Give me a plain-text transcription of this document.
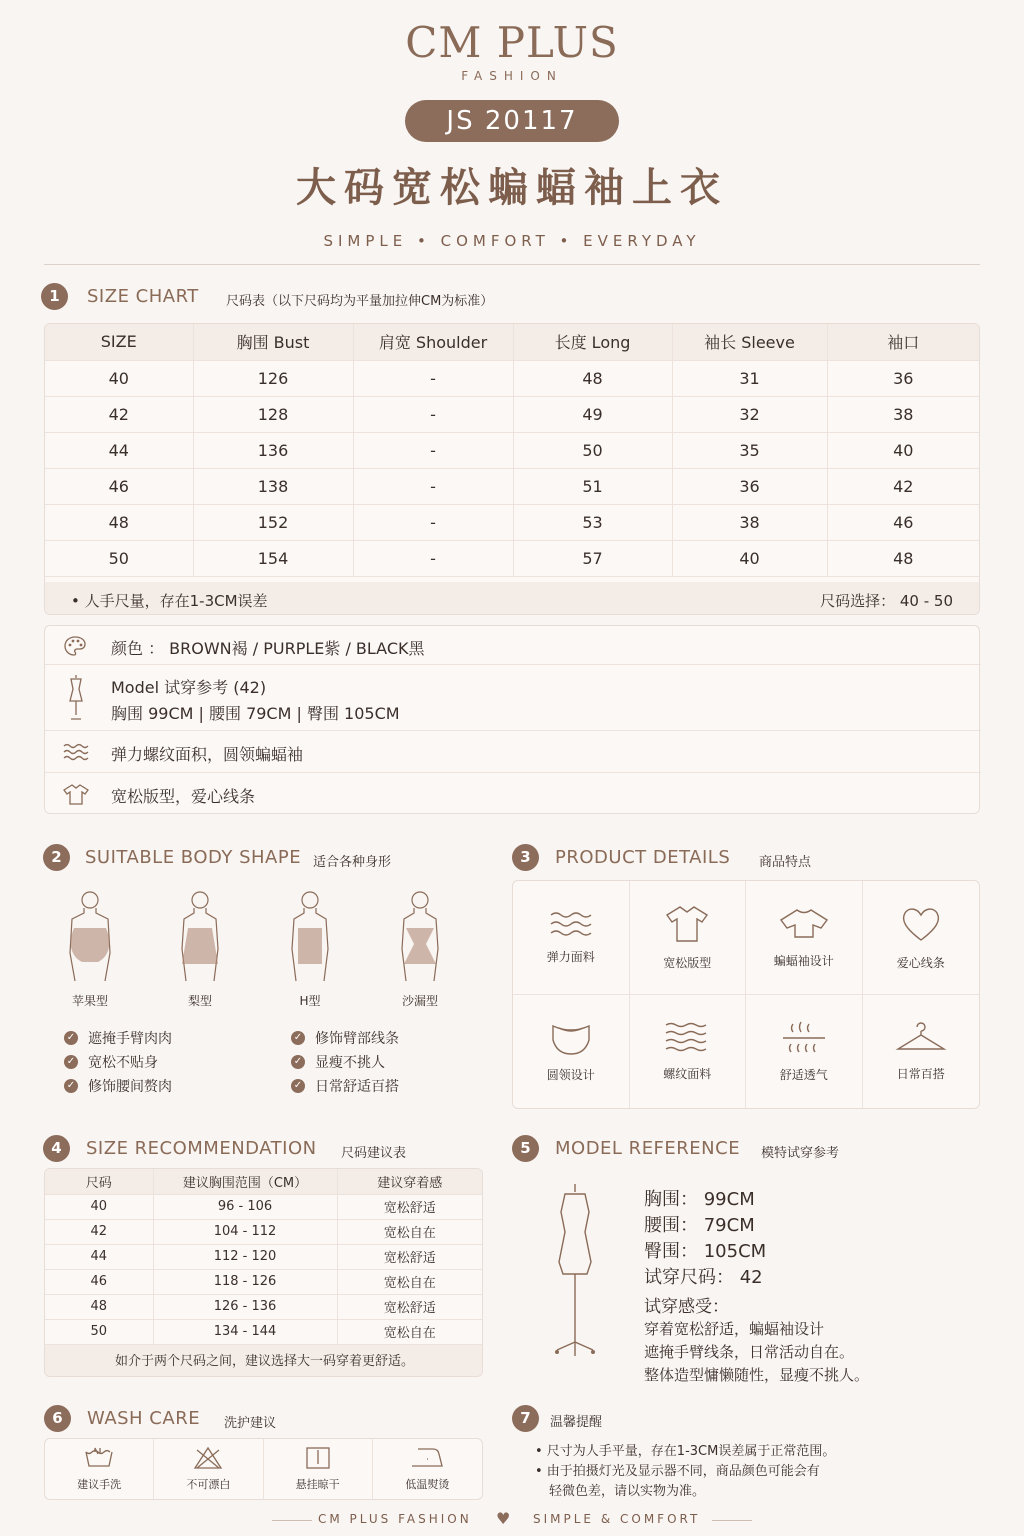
CM PLUS
FASHION
JS 20117
大码宽松蝙蝠袖上衣
SIMPLE • COMFORT • EVERYDAY
1	SIZE CHART 尺码表（以下尺码均为平量加拉伸CM为标准）
SIZE	胸围 Bust	肩宽 Shoulder	长度 Long	袖长 Sleeve	袖口
40	126	-	48	31	36
42	128	-	49	32	38
44	136	-	50	35	40
46	138	-	51	36	42
48	152	-	53	38	46
50	154	-	57	40	48
• 人手尺量，存在1-3CM误差	尺码选择： 40 - 50
颜色 ： BROWN褐 / PURPLE紫 / BLACK黑
Model 试穿参考 (42)
胸围 99CM | 腰围 79CM | 臀围 105CM
弹力螺纹面积，圆领蝙蝠袖
宽松版型，爱心线条
2	SUITABLE BODY SHAPE 适合各种身形
苹果型	梨型	H型	沙漏型
✓ 遮掩手臂肉肉
✓ 宽松不贴身
✓ 修饰腰间赘肉
✓ 修饰臂部线条
✓ 显瘦不挑人
✓ 日常舒适百搭
3	PRODUCT DETAILS 商品特点
弹力面料	宽松版型	蝙蝠袖设计	爱心线条
圆领设计	螺纹面料	舒适透气	日常百搭
4	SIZE RECOMMENDATION 尺码建议表
尺码	建议胸围范围（CM）	建议穿着感
40	96 - 106	宽松舒适
42	104 - 112	宽松自在
44	112 - 120	宽松舒适
46	118 - 126	宽松自在
48	126 - 136	宽松舒适
50	134 - 144	宽松自在
如介于两个尺码之间，建议选择大一码穿着更舒适。
5	MODEL REFERENCE 模特试穿参考
胸围： 99CM
腰围： 79CM
臀围： 105CM
试穿尺码： 42
试穿感受：
穿着宽松舒适，蝙蝠袖设计
遮掩手臂线条，日常活动自在。
整体造型慵懒随性，显瘦不挑人。
6	WASH CARE 洗护建议
建议手洗	不可漂白	悬挂晾干	低温熨烫
7	温馨提醒
• 尺寸为人手平量，存在1-3CM误差属于正常范围。
• 由于拍摄灯光及显示器不同，商品颜色可能会有
轻微色差，请以实物为准。
CM PLUS FASHION ♥ SIMPLE & COMFORT
